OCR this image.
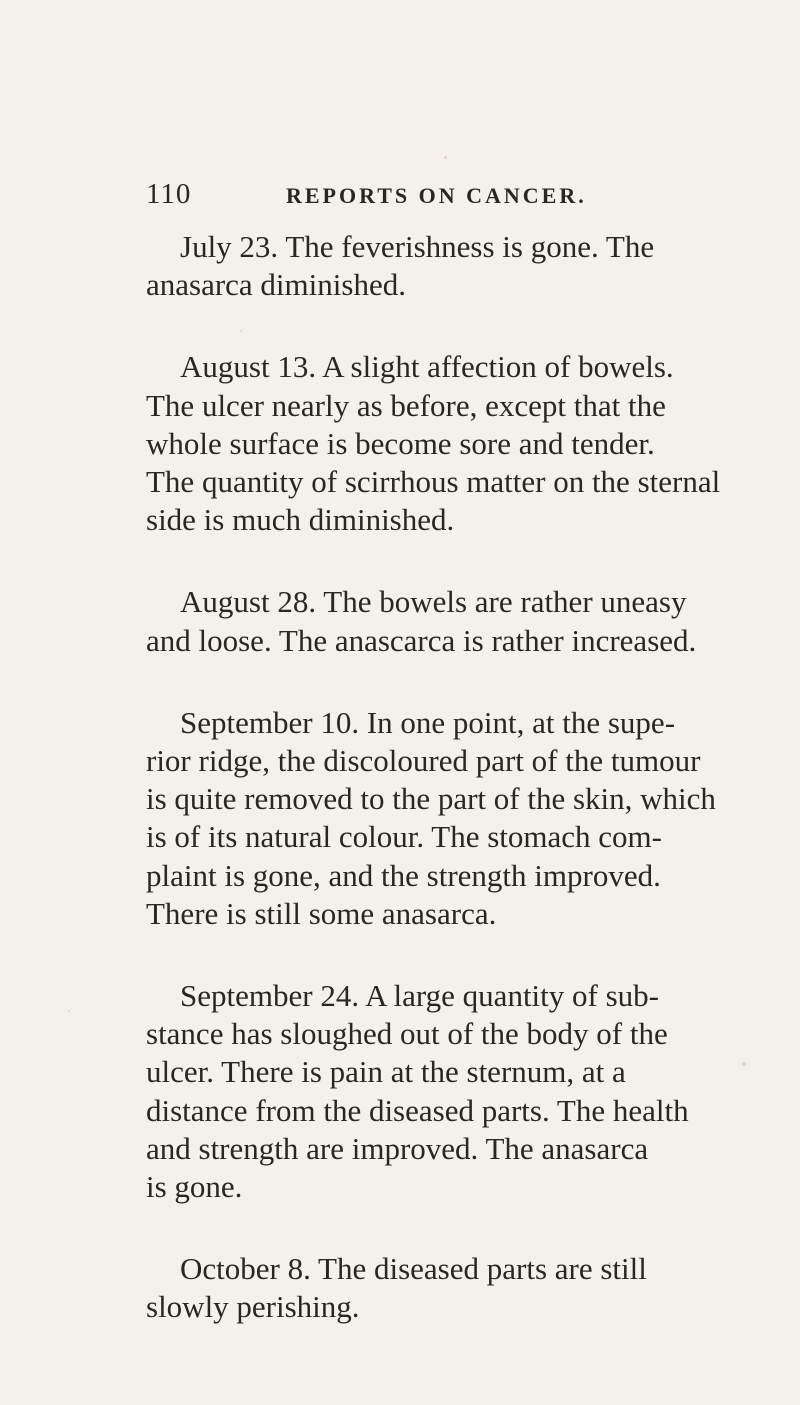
110	REPORTS ON CANCER.

July 23. The feverishness is gone. The
anasarca diminished.

August 13. A slight affection of bowels.
The ulcer nearly as before, except that the
whole surface is become sore and tender.
The quantity of scirrhous matter on the sternal
side is much diminished.

August 28. The bowels are rather uneasy
and loose. The anascarca is rather increased.

September 10. In one point, at the supe-
rior ridge, the discoloured part of the tumour
is quite removed to the part of the skin, which
is of its natural colour. The stomach com-
plaint is gone, and the strength improved.
There is still some anasarca.

September 24. A large quantity of sub-
stance has sloughed out of the body of the
ulcer. There is pain at the sternum, at a
distance from the diseased parts. The health
and strength are improved. The anasarca
is gone.

October 8. The diseased parts are still
slowly perishing.
